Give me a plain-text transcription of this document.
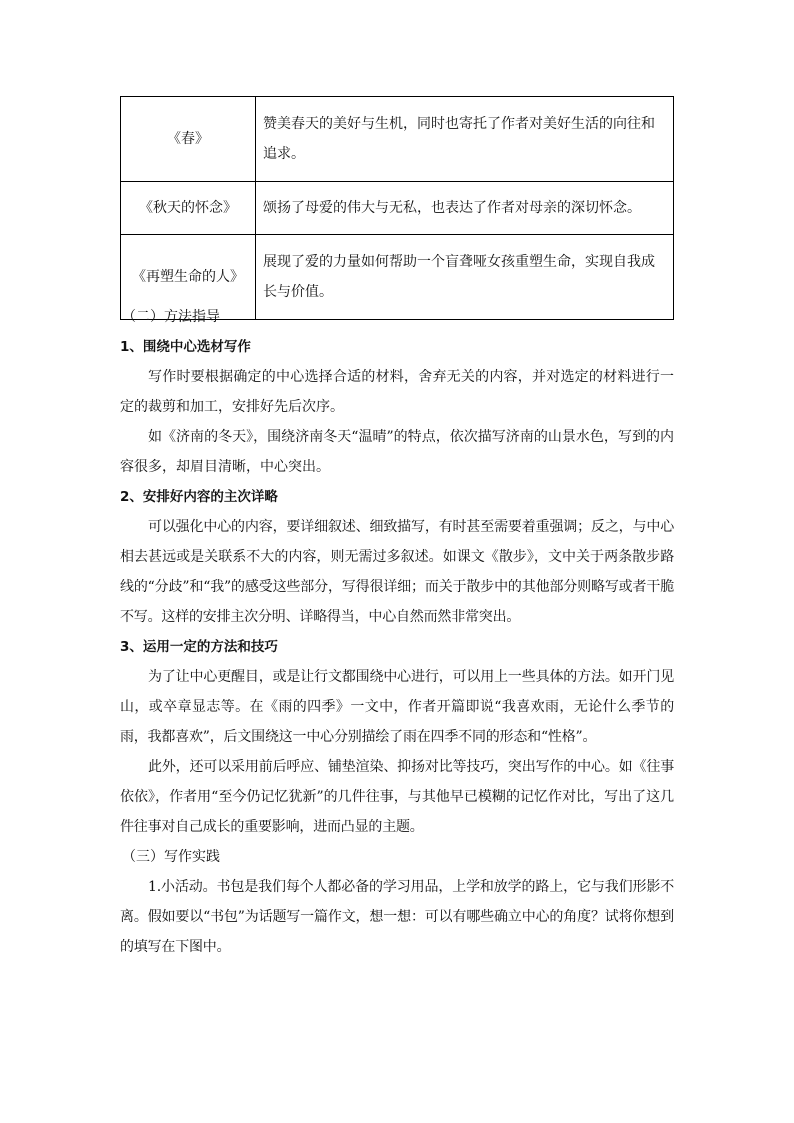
《春》	赞美春天的美好与生机，同时也寄托了作者对美好生活的向往和追求。
《秋天的怀念》	颂扬了母爱的伟大与无私，也表达了作者对母亲的深切怀念。
《再塑生命的人》	展现了爱的力量如何帮助一个盲聋哑女孩重塑生命，实现自我成长与价值。

（二）方法指导

1、围绕中心选材写作

写作时要根据确定的中心选择合适的材料，舍弃无关的内容，并对选定的材料进行一定的裁剪和加工，安排好先后次序。

如《济南的冬天》，围绕济南冬天“温晴”的特点，依次描写济南的山景水色，写到的内容很多，却眉目清晰，中心突出。

2、安排好内容的主次详略

可以强化中心的内容，要详细叙述、细致描写，有时甚至需要着重强调；反之，与中心相去甚远或是关联系不大的内容，则无需过多叙述。如课文《散步》，文中关于两条散步路线的“分歧”和“我”的感受这些部分，写得很详细；而关于散步中的其他部分则略写或者干脆不写。这样的安排主次分明、详略得当，中心自然而然非常突出。

3、运用一定的方法和技巧

为了让中心更醒目，或是让行文都围绕中心进行，可以用上一些具体的方法。如开门见山，或卒章显志等。在《雨的四季》一文中，作者开篇即说“我喜欢雨，无论什么季节的雨，我都喜欢”，后文围绕这一中心分别描绘了雨在四季不同的形态和“性格”。

此外，还可以采用前后呼应、铺垫渲染、抑扬对比等技巧，突出写作的中心。如《往事依依》，作者用“至今仍记忆犹新”的几件往事，与其他早已模糊的记忆作对比，写出了这几件往事对自己成长的重要影响，进而凸显的主题。

（三）写作实践

1.小活动。书包是我们每个人都必备的学习用品，上学和放学的路上，它与我们形影不离。假如要以“书包”为话题写一篇作文，想一想：可以有哪些确立中心的角度？试将你想到的填写在下图中。
